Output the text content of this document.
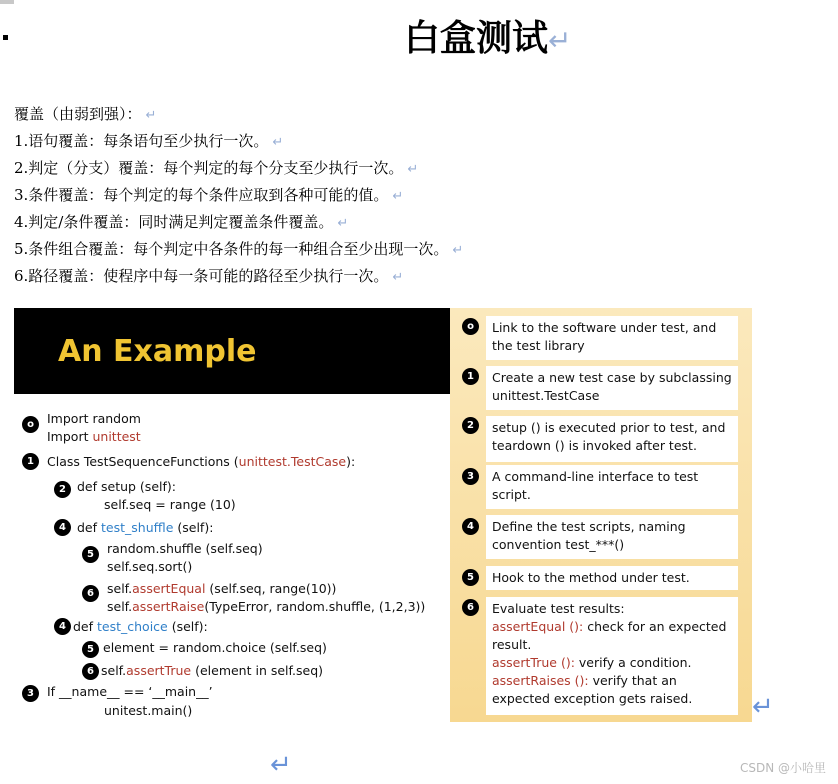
白盒测试↵
覆盖（由弱到强）： ↵
1.语句覆盖：每条语句至少执行一次。 ↵
2.判定（分支）覆盖：每个判定的每个分支至少执行一次。 ↵
3.条件覆盖：每个判定的每个条件应取到各种可能的值。 ↵
4.判定/条件覆盖：同时满足判定覆盖条件覆盖。 ↵
5.条件组合覆盖：每个判定中各条件的每一种组合至少出现一次。 ↵
6.路径覆盖：使程序中每一条可能的路径至少执行一次。 ↵
An Example
o	Import random
Import unittest
1	Class TestSequenceFunctions (unittest.TestCase):
2 def setup (self):
self.seq = range (10)
4 def test_shuffle (self):
5	random.shuffle (self.seq)
self.seq.sort()
6	self.assertEqual (self.seq, range(10))
self.assertRaise(TypeError, random.shuffle, (1,2,3))
4 def test_choice (self):
5 element = random.choice (self.seq)
6 self.assertTrue (element in self.seq)
3	If __name__ == ‘__main__’
unitest.main()
o	Link to the software under test, and the test library
1	Create a new test case by subclassing unittest.TestCase
2	setup () is executed prior to test, and teardown () is invoked after test.
3	A command-line interface to test script.
4	Define the test scripts, naming convention test_***()
5	Hook to the method under test.
6	Evaluate test results:
assertEqual (): check for an expected result.
assertTrue (): verify a condition.
assertRaises (): verify that an expected exception gets raised.	↵
↵	CSDN @小哈里
